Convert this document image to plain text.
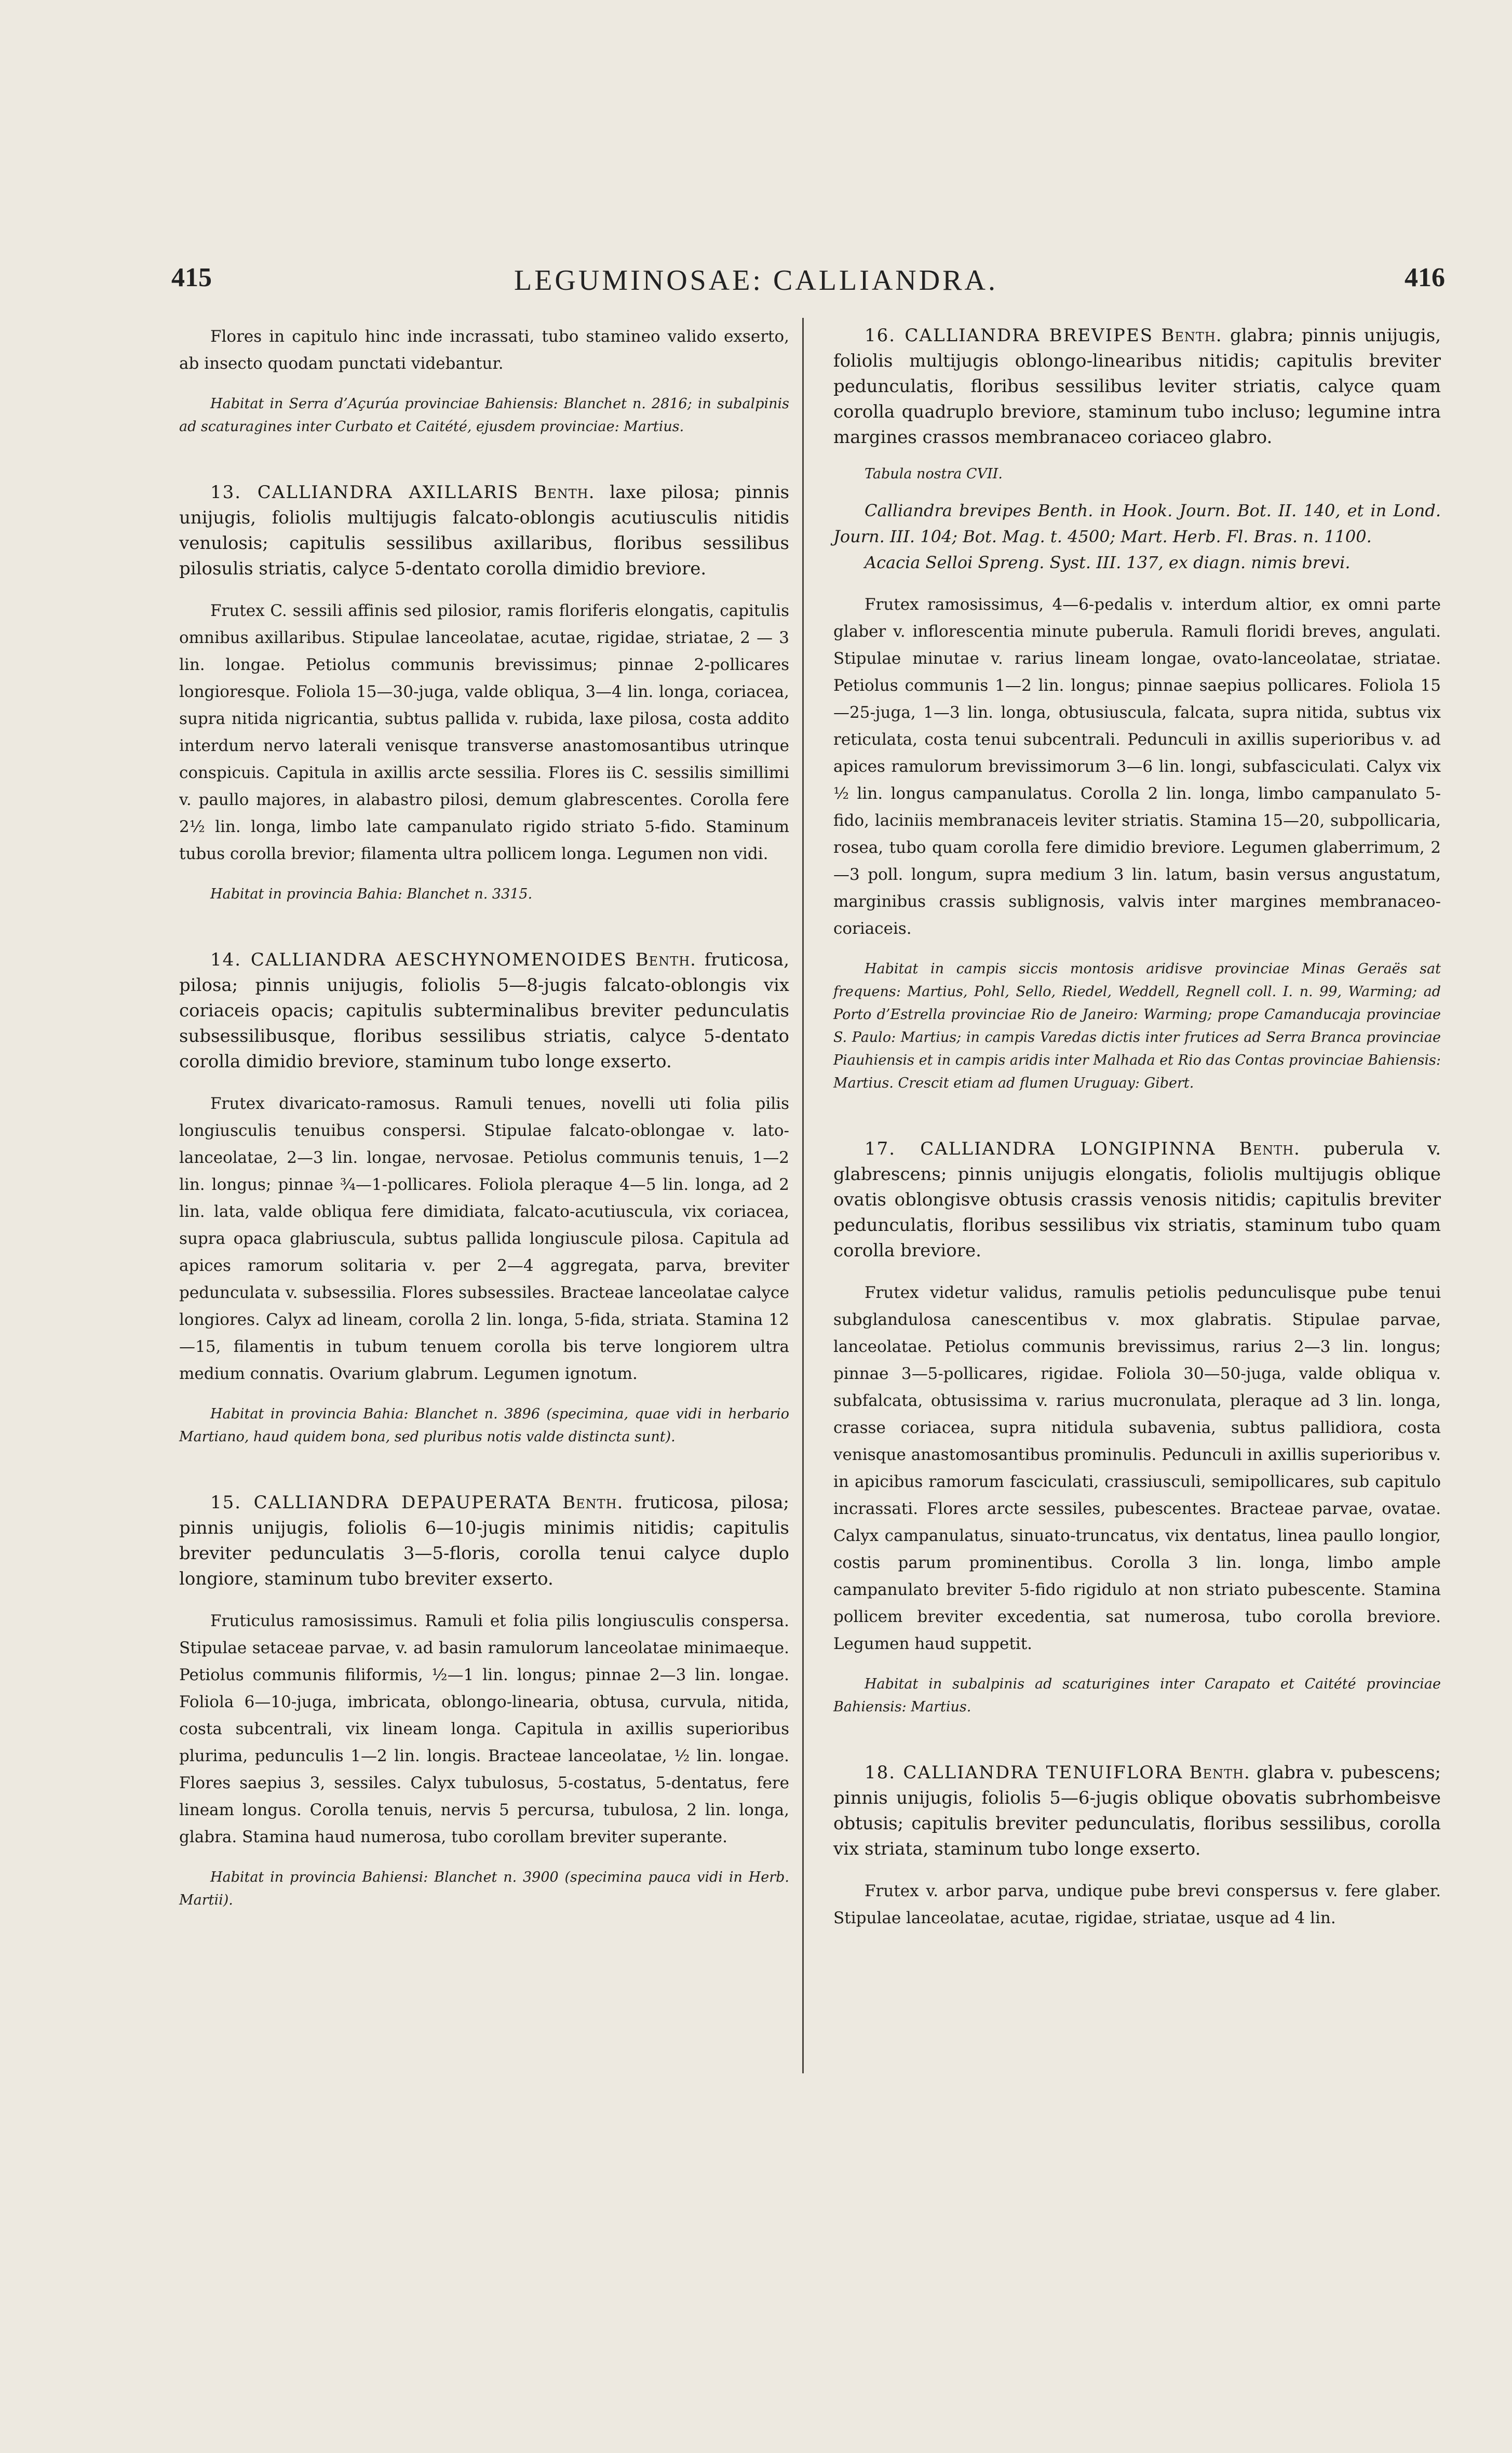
415	LEGUMINOSAE: CALLIANDRA.	416

Flores in capitulo hinc inde incrassati, tubo stamineo valido exserto, ab insecto quodam punctati videbantur.

Habitat in Serra d’Açurúa provinciae Bahiensis: Blanchet n. 2816; in subalpinis ad scaturagines inter Curbato et Caitété, ejusdem provinciae: Martius.

13. CALLIANDRA AXILLARIS Benth. laxe pilosa; pinnis unijugis, foliolis multijugis falcato-oblongis acutiusculis nitidis venulosis; capitulis sessilibus axillaribus, floribus sessilibus pilosulis striatis, calyce 5-dentato corolla dimidio breviore.

Frutex C. sessili affinis sed pilosior, ramis floriferis elongatis, capitulis omnibus axillaribus. Stipulae lanceolatae, acutae, rigidae, striatae, 2 — 3 lin. longae. Petiolus communis brevissimus; pinnae 2-pollicares longioresque. Foliola 15—30-juga, valde obliqua, 3—4 lin. longa, coriacea, supra nitida nigricantia, subtus pallida v. rubida, laxe pilosa, costa addito interdum nervo laterali venisque transverse anastomosantibus utrinque conspicuis. Capitula in axillis arcte sessilia. Flores iis C. sessilis simillimi v. paullo majores, in alabastro pilosi, demum glabrescentes. Corolla fere 2½ lin. longa, limbo late campanulato rigido striato 5-fido. Staminum tubus corolla brevior; filamenta ultra pollicem longa. Legumen non vidi.

Habitat in provincia Bahia: Blanchet n. 3315.

14. CALLIANDRA AESCHYNOMENOIDES Benth. fruticosa, pilosa; pinnis unijugis, foliolis 5—8-jugis falcato-oblongis vix coriaceis opacis; capitulis subterminalibus breviter pedunculatis subsessilibusque, floribus sessilibus striatis, calyce 5-dentato corolla dimidio breviore, staminum tubo longe exserto.

Frutex divaricato-ramosus. Ramuli tenues, novelli uti folia pilis longiusculis tenuibus conspersi. Stipulae falcato-oblongae v. lato-lanceolatae, 2—3 lin. longae, nervosae. Petiolus communis tenuis, 1—2 lin. longus; pinnae ¾—1-pollicares. Foliola pleraque 4—5 lin. longa, ad 2 lin. lata, valde obliqua fere dimidiata, falcato-acutiuscula, vix coriacea, supra opaca glabriuscula, subtus pallida longiuscule pilosa. Capitula ad apices ramorum solitaria v. per 2—4 aggregata, parva, breviter pedunculata v. subsessilia. Flores subsessiles. Bracteae lanceolatae calyce longiores. Calyx ad lineam, corolla 2 lin. longa, 5-fida, striata. Stamina 12—15, filamentis in tubum tenuem corolla bis terve longiorem ultra medium connatis. Ovarium glabrum. Legumen ignotum.

Habitat in provincia Bahia: Blanchet n. 3896 (specimina, quae vidi in herbario Martiano, haud quidem bona, sed pluribus notis valde distincta sunt).

15. CALLIANDRA DEPAUPERATA Benth. fruticosa, pilosa; pinnis unijugis, foliolis 6—10-jugis minimis nitidis; capitulis breviter pedunculatis 3—5-floris, corolla tenui calyce duplo longiore, staminum tubo breviter exserto.

Fruticulus ramosissimus. Ramuli et folia pilis longiusculis conspersa. Stipulae setaceae parvae, v. ad basin ramulorum lanceolatae minimaeque. Petiolus communis filiformis, ½—1 lin. longus; pinnae 2—3 lin. longae. Foliola 6—10-juga, imbricata, oblongo-linearia, obtusa, curvula, nitida, costa subcentrali, vix lineam longa. Capitula in axillis superioribus plurima, pedunculis 1—2 lin. longis. Bracteae lanceolatae, ½ lin. longae. Flores saepius 3, sessiles. Calyx tubulosus, 5-costatus, 5-dentatus, fere lineam longus. Corolla tenuis, nervis 5 percursa, tubulosa, 2 lin. longa, glabra. Stamina haud numerosa, tubo corollam breviter superante.

Habitat in provincia Bahiensi: Blanchet n. 3900 (specimina pauca vidi in Herb. Martii).

16. CALLIANDRA BREVIPES Benth. glabra; pinnis unijugis, foliolis multijugis oblongo-linearibus nitidis; capitulis breviter pedunculatis, floribus sessilibus leviter striatis, calyce quam corolla quadruplo breviore, staminum tubo incluso; legumine intra margines crassos membranaceo coriaceo glabro.

Tabula nostra CVII.

Calliandra brevipes Benth. in Hook. Journ. Bot. II. 140, et in Lond. Journ. III. 104; Bot. Mag. t. 4500; Mart. Herb. Fl. Bras. n. 1100.

Acacia Selloi Spreng. Syst. III. 137, ex diagn. nimis brevi.

Frutex ramosissimus, 4—6-pedalis v. interdum altior, ex omni parte glaber v. inflorescentia minute puberula. Ramuli floridi breves, angulati. Stipulae minutae v. rarius lineam longae, ovato-lanceolatae, striatae. Petiolus communis 1—2 lin. longus; pinnae saepius pollicares. Foliola 15—25-juga, 1—3 lin. longa, obtusiuscula, falcata, supra nitida, subtus vix reticulata, costa tenui subcentrali. Pedunculi in axillis superioribus v. ad apices ramulorum brevissimorum 3—6 lin. longi, subfasciculati. Calyx vix ½ lin. longus campanulatus. Corolla 2 lin. longa, limbo campanulato 5-fido, laciniis membranaceis leviter striatis. Stamina 15—20, subpollicaria, rosea, tubo quam corolla fere dimidio breviore. Legumen glaberrimum, 2—3 poll. longum, supra medium 3 lin. latum, basin versus angustatum, marginibus crassis sublignosis, valvis inter margines membranaceo-coriaceis.

Habitat in campis siccis montosis aridisve provinciae Minas Geraës sat frequens: Martius, Pohl, Sello, Riedel, Weddell, Regnell coll. I. n. 99, Warming; ad Porto d’Estrella provinciae Rio de Janeiro: Warming; prope Camanducaja provinciae S. Paulo: Martius; in campis Varedas dictis inter frutices ad Serra Branca provinciae Piauhiensis et in campis aridis inter Malhada et Rio das Contas provinciae Bahiensis: Martius. Crescit etiam ad flumen Uruguay: Gibert.

17. CALLIANDRA LONGIPINNA Benth. puberula v. glabrescens; pinnis unijugis elongatis, foliolis multijugis oblique ovatis oblongisve obtusis crassis venosis nitidis; capitulis breviter pedunculatis, floribus sessilibus vix striatis, staminum tubo quam corolla breviore.

Frutex videtur validus, ramulis petiolis pedunculisque pube tenui subglandulosa canescentibus v. mox glabratis. Stipulae parvae, lanceolatae. Petiolus communis brevissimus, rarius 2—3 lin. longus; pinnae 3—5-pollicares, rigidae. Foliola 30—50-juga, valde obliqua v. subfalcata, obtusissima v. rarius mucronulata, pleraque ad 3 lin. longa, crasse coriacea, supra nitidula subavenia, subtus pallidiora, costa venisque anastomosantibus prominulis. Pedunculi in axillis superioribus v. in apicibus ramorum fasciculati, crassiusculi, semipollicares, sub capitulo incrassati. Flores arcte sessiles, pubescentes. Bracteae parvae, ovatae. Calyx campanulatus, sinuato-truncatus, vix dentatus, linea paullo longior, costis parum prominentibus. Corolla 3 lin. longa, limbo ample campanulato breviter 5-fido rigidulo at non striato pubescente. Stamina pollicem breviter excedentia, sat numerosa, tubo corolla breviore. Legumen haud suppetit.

Habitat in subalpinis ad scaturigines inter Carapato et Caitété provinciae Bahiensis: Martius.

18. CALLIANDRA TENUIFLORA Benth. glabra v. pubescens; pinnis unijugis, foliolis 5—6-jugis oblique obovatis subrhombeisve obtusis; capitulis breviter pedunculatis, floribus sessilibus, corolla vix striata, staminum tubo longe exserto.

Frutex v. arbor parva, undique pube brevi conspersus v. fere glaber. Stipulae lanceolatae, acutae, rigidae, striatae, usque ad 4 lin.
